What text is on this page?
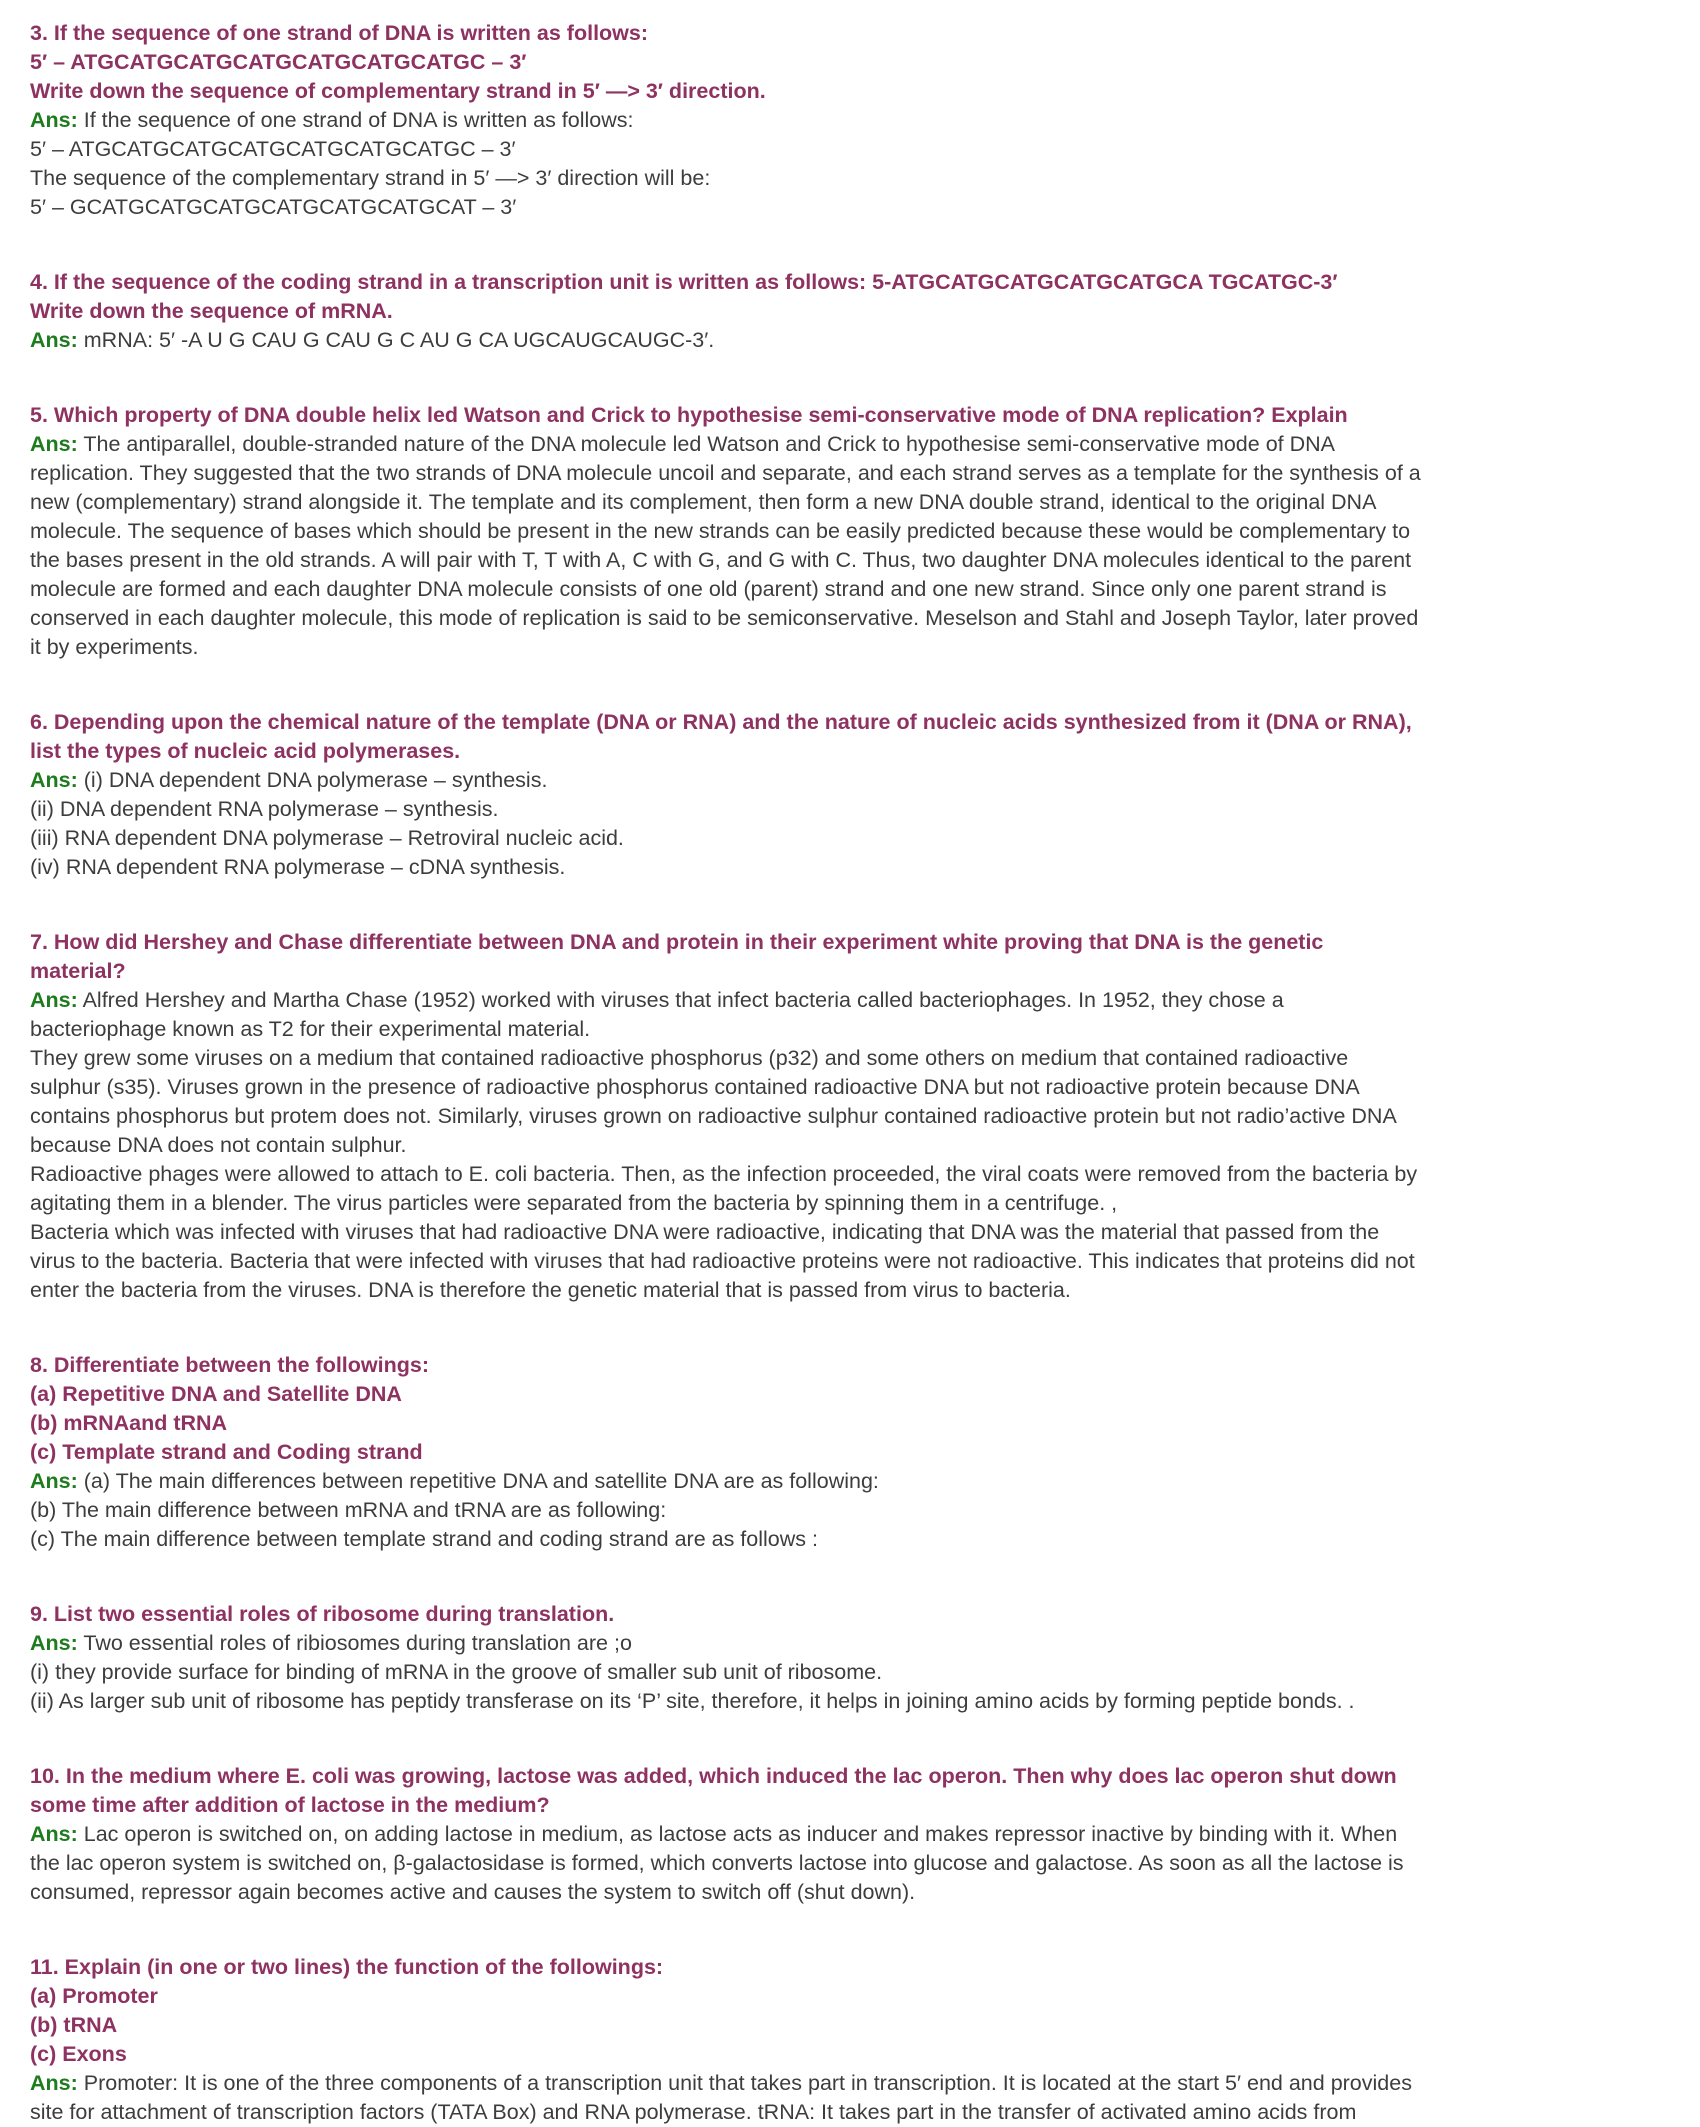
3. If the sequence of one strand of DNA is written as follows:
5′ – ATGCATGCATGCATGCATGCATGCATGC – 3′
Write down the sequence of complementary strand in 5′ —> 3′ direction.
Ans: If the sequence of one strand of DNA is written as follows:
5′ – ATGCATGCATGCATGCATGCATGCATGC – 3′
The sequence of the complementary strand in 5′ —> 3′ direction will be:
5′ – GCATGCATGCATGCATGCATGCATGCAT – 3′
4. If the sequence of the coding strand in a transcription unit is written as follows: 5-ATGCATGCATGCATGCATGCA TGCATGC-3′
Write down the sequence of mRNA.
Ans: mRNA: 5′ -A U G CAU G CAU G C AU G CA UGCAUGCAUGC-3′.
5. Which property of DNA double helix led Watson and Crick to hypothesise semi-conservative mode of DNA replication? Explain
Ans: The antiparallel, double-stranded nature of the DNA molecule led Watson and Crick to hypothesise semi-conservative mode of DNA
replication. They suggested that the two strands of DNA molecule uncoil and separate, and each strand serves as a template for the synthesis of a
new (complementary) strand alongside it. The template and its complement, then form a new DNA double strand, identical to the original DNA
molecule. The sequence of bases which should be present in the new strands can be easily predicted because these would be complementary to
the bases present in the old strands. A will pair with T, T with A, C with G, and G with C. Thus, two daughter DNA molecules identical to the parent
molecule are formed and each daughter DNA molecule consists of one old (parent) strand and one new strand. Since only one parent strand is
conserved in each daughter molecule, this mode of replication is said to be semiconservative. Meselson and Stahl and Joseph Taylor, later proved
it by experiments.
6. Depending upon the chemical nature of the template (DNA or RNA) and the nature of nucleic acids synthesized from it (DNA or RNA),
list the types of nucleic acid polymerases.
Ans: (i) DNA dependent DNA polymerase – synthesis.
(ii) DNA dependent RNA polymerase – synthesis.
(iii) RNA dependent DNA polymerase – Retroviral nucleic acid.
(iv) RNA dependent RNA polymerase – cDNA synthesis.
7. How did Hershey and Chase differentiate between DNA and protein in their experiment white proving that DNA is the genetic
material?
Ans: Alfred Hershey and Martha Chase (1952) worked with viruses that infect bacteria called bacteriophages. In 1952, they chose a
bacteriophage known as T2 for their experimental material.
They grew some viruses on a medium that contained radioactive phosphorus (p32) and some others on medium that contained radioactive
sulphur (s35). Viruses grown in the presence of radioactive phosphorus contained radioactive DNA but not radioactive protein because DNA
contains phosphorus but protem does not. Similarly, viruses grown on radioactive sulphur contained radioactive protein but not radio’active DNA
because DNA does not contain sulphur.
Radioactive phages were allowed to attach to E. coli bacteria. Then, as the infection proceeded, the viral coats were removed from the bacteria by
agitating them in a blender. The virus particles were separated from the bacteria by spinning them in a centrifuge. ,
Bacteria which was infected with viruses that had radioactive DNA were radioactive, indicating that DNA was the material that passed from the
virus to the bacteria. Bacteria that were infected with viruses that had radioactive proteins were not radioactive. This indicates that proteins did not
enter the bacteria from the viruses. DNA is therefore the genetic material that is passed from virus to bacteria.
8. Differentiate between the followings:
(a) Repetitive DNA and Satellite DNA
(b) mRNAand tRNA
(c) Template strand and Coding strand
Ans: (a) The main differences between repetitive DNA and satellite DNA are as following:
(b) The main difference between mRNA and tRNA are as following:
(c) The main difference between template strand and coding strand are as follows :
9. List two essential roles of ribosome during translation.
Ans: Two essential roles of ribiosomes during translation are ;o
(i) they provide surface for binding of mRNA in the groove of smaller sub unit of ribosome.
(ii) As larger sub unit of ribosome has peptidy transferase on its ‘P’ site, therefore, it helps in joining amino acids by forming peptide bonds. .
10. In the medium where E. coli was growing, lactose was added, which induced the lac operon. Then why does lac operon shut down
some time after addition of lactose in the medium?
Ans: Lac operon is switched on, on adding lactose in medium, as lactose acts as inducer and makes repressor inactive by binding with it. When
the lac operon system is switched on, β-galactosidase is formed, which converts lactose into glucose and galactose. As soon as all the lactose is
consumed, repressor again becomes active and causes the system to switch off (shut down).
11. Explain (in one or two lines) the function of the followings:
(a) Promoter
(b) tRNA
(c) Exons
Ans: Promoter: It is one of the three components of a transcription unit that takes part in transcription. It is located at the start 5′ end and provides
site for attachment of transcription factors (TATA Box) and RNA polymerase. tRNA: It takes part in the transfer of activated amino acids from
